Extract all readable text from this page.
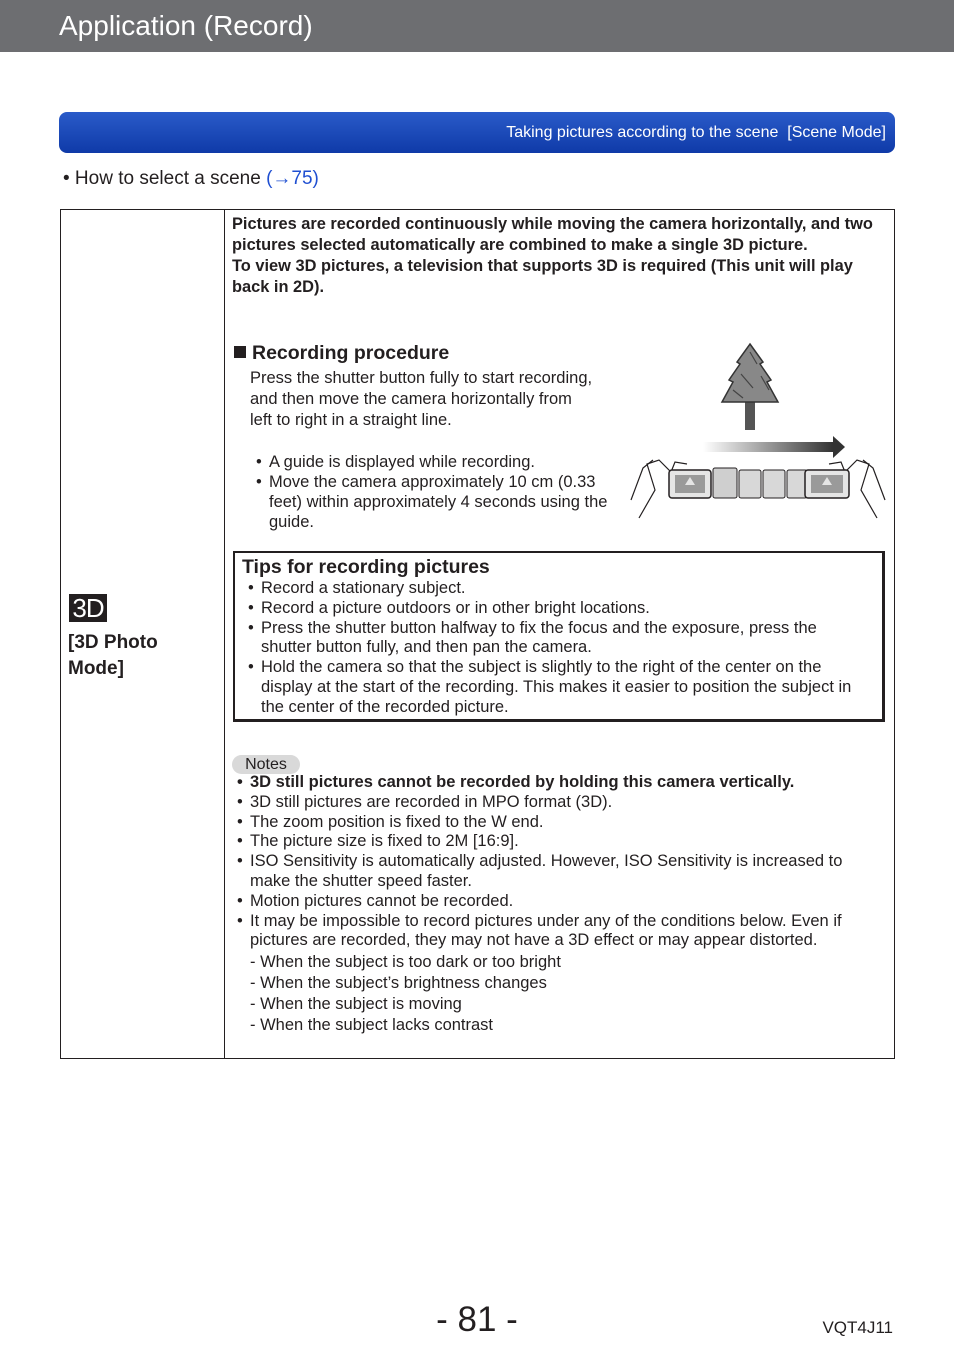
Application (Record)
Taking pictures according to the scene  [Scene Mode]
• How to select a scene (→75)
3D
[3D Photo Mode]
Pictures are recorded continuously while moving the camera horizontally, and two pictures selected automatically are combined to make a single 3D picture.
To view 3D pictures, a television that supports 3D is required (This unit will play back in 2D).
Recording procedure
Press the shutter button fully to start recording, and then move the camera horizontally from left to right in a straight line.
• A guide is displayed while recording.
• Move the camera approximately 10 cm (0.33 feet) within approximately 4 seconds using the guide.
Tips for recording pictures
• Record a stationary subject.
• Record a picture outdoors or in other bright locations.
• Press the shutter button halfway to fix the focus and the exposure, press the shutter button fully, and then pan the camera.
• Hold the camera so that the subject is slightly to the right of the center on the display at the start of the recording. This makes it easier to position the subject in the center of the recorded picture.
Notes
• 3D still pictures cannot be recorded by holding this camera vertically.
• 3D still pictures are recorded in MPO format (3D).
• The zoom position is fixed to the W end.
• The picture size is fixed to 2M [16:9].
• ISO Sensitivity is automatically adjusted. However, ISO Sensitivity is increased to make the shutter speed faster.
• Motion pictures cannot be recorded.
• It may be impossible to record pictures under any of the conditions below. Even if pictures are recorded, they may not have a 3D effect or may appear distorted.
- When the subject is too dark or too bright
- When the subject’s brightness changes
- When the subject is moving
- When the subject lacks contrast
- 81 -	VQT4J11
